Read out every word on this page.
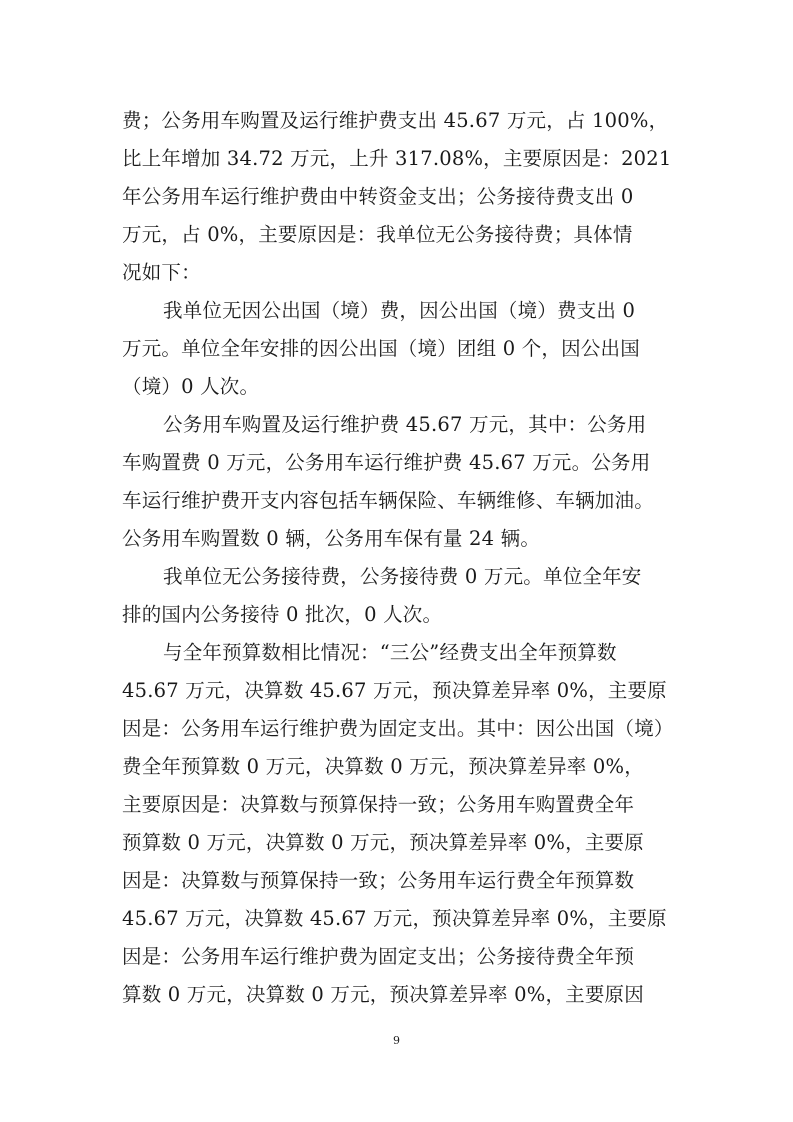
费；公务用车购置及运行维护费支出 45.67 万元，占 100%，
比上年增加 34.72 万元，上升 317.08%，主要原因是：2021
年公务用车运行维护费由中转资金支出；公务接待费支出 0
万元，占 0%，主要原因是：我单位无公务接待费；具体情
况如下：
我单位无因公出国（境）费，因公出国（境）费支出 0
万元。单位全年安排的因公出国（境）团组 0 个，因公出国
（境）0 人次。
公务用车购置及运行维护费 45.67 万元，其中：公务用
车购置费 0 万元，公务用车运行维护费 45.67 万元。公务用
车运行维护费开支内容包括车辆保险、车辆维修、车辆加油。
公务用车购置数 0 辆，公务用车保有量 24 辆。
我单位无公务接待费，公务接待费 0 万元。单位全年安
排的国内公务接待 0 批次，0 人次。
与全年预算数相比情况：“三公”经费支出全年预算数
45.67 万元，决算数 45.67 万元，预决算差异率 0%，主要原
因是：公务用车运行维护费为固定支出。其中：因公出国（境）
费全年预算数 0 万元，决算数 0 万元，预决算差异率 0%，
主要原因是：决算数与预算保持一致；公务用车购置费全年
预算数 0 万元，决算数 0 万元，预决算差异率 0%，主要原
因是：决算数与预算保持一致；公务用车运行费全年预算数
45.67 万元，决算数 45.67 万元，预决算差异率 0%，主要原
因是：公务用车运行维护费为固定支出；公务接待费全年预
算数 0 万元，决算数 0 万元，预决算差异率 0%，主要原因
9
